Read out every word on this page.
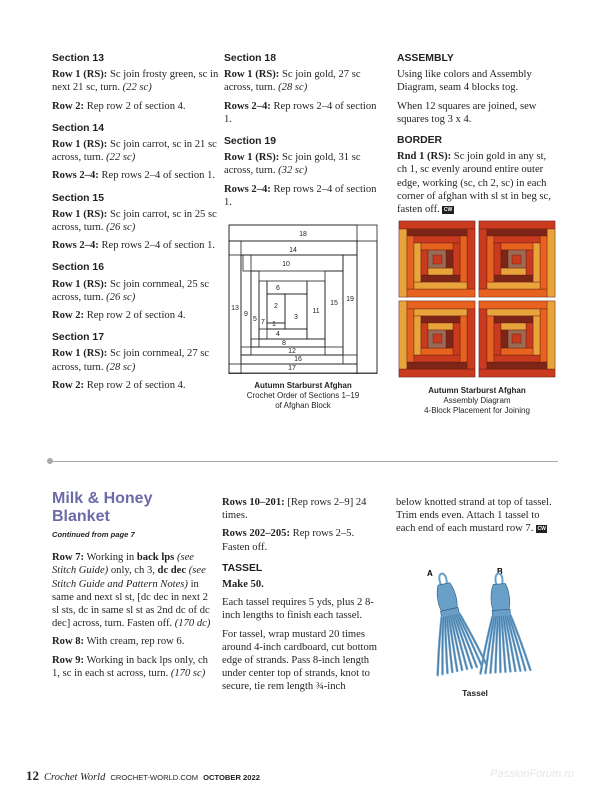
Section 13
Row 1 (RS): Sc join frosty green, sc in next 21 sc, turn. (22 sc)
Row 2: Rep row 2 of section 4.
Section 14
Row 1 (RS): Sc join carrot, sc in 21 sc across, turn. (22 sc)
Rows 2–4: Rep rows 2–4 of section 1.
Section 15
Row 1 (RS): Sc join carrot, sc in 25 sc across, turn. (26 sc)
Rows 2–4: Rep rows 2–4 of section 1.
Section 16
Row 1 (RS): Sc join cornmeal, 25 sc across, turn. (26 sc)
Row 2: Rep row 2 of section 4.
Section 17
Row 1 (RS): Sc join cornmeal, 27 sc across, turn. (28 sc)
Row 2: Rep row 2 of section 4.
Section 18
Row 1 (RS): Sc join gold, 27 sc across, turn. (28 sc)
Rows 2–4: Rep rows 2–4 of section 1.
Section 19
Row 1 (RS): Sc join gold, 31 sc across, turn. (32 sc)
Rows 2–4: Rep rows 2–4 of section 1.
18
14
10
6
2
3
1
4
8
12
16
17
13
9
5 7
11
15
19
Autumn Starburst Afghan
Crochet Order of Sections 1–19
of Afghan Block
ASSEMBLY
Using like colors and Assembly Diagram, seam 4 blocks tog.
When 12 squares are joined, sew squares tog 3 x 4.
BORDER
Rnd 1 (RS): Sc join gold in any st, ch 1, sc evenly around entire outer edge, working (sc, ch 2, sc) in each corner of afghan with sl st in beg sc, fasten off. CW
Autumn Starburst Afghan
Assembly Diagram
4-Block Placement for Joining
Milk & Honey Blanket
Continued from page 7
Row 7: Working in back lps (see Stitch Guide) only, ch 3, dc dec (see Stitch Guide and Pattern Notes) in same and next sl st, [dc dec in next 2 sl sts, dc in same sl st as 2nd dc of dc dec] across, turn. Fasten off. (170 dc)
Row 8: With cream, rep row 6.
Row 9: Working in back lps only, ch 1, sc in each st across, turn. (170 sc)
Rows 10–201: [Rep rows 2–9] 24 times.
Rows 202–205: Rep rows 2–5. Fasten off.
TASSEL
Make 50.
Each tassel requires 5 yds, plus 2 8-inch lengths to finish each tassel.
For tassel, wrap mustard 20 times around 4-inch cardboard, cut bottom edge of strands. Pass 8-inch length under center top of strands, knot to secure, tie rem length ¾-inch
below knotted strand at top of tassel. Trim ends even. Attach 1 tassel to each end of each mustard row 7. CW
A	B
Tassel
12 Crochet World CROCHET-WORLD.COM OCTOBER 2022	PassionForum.ru
